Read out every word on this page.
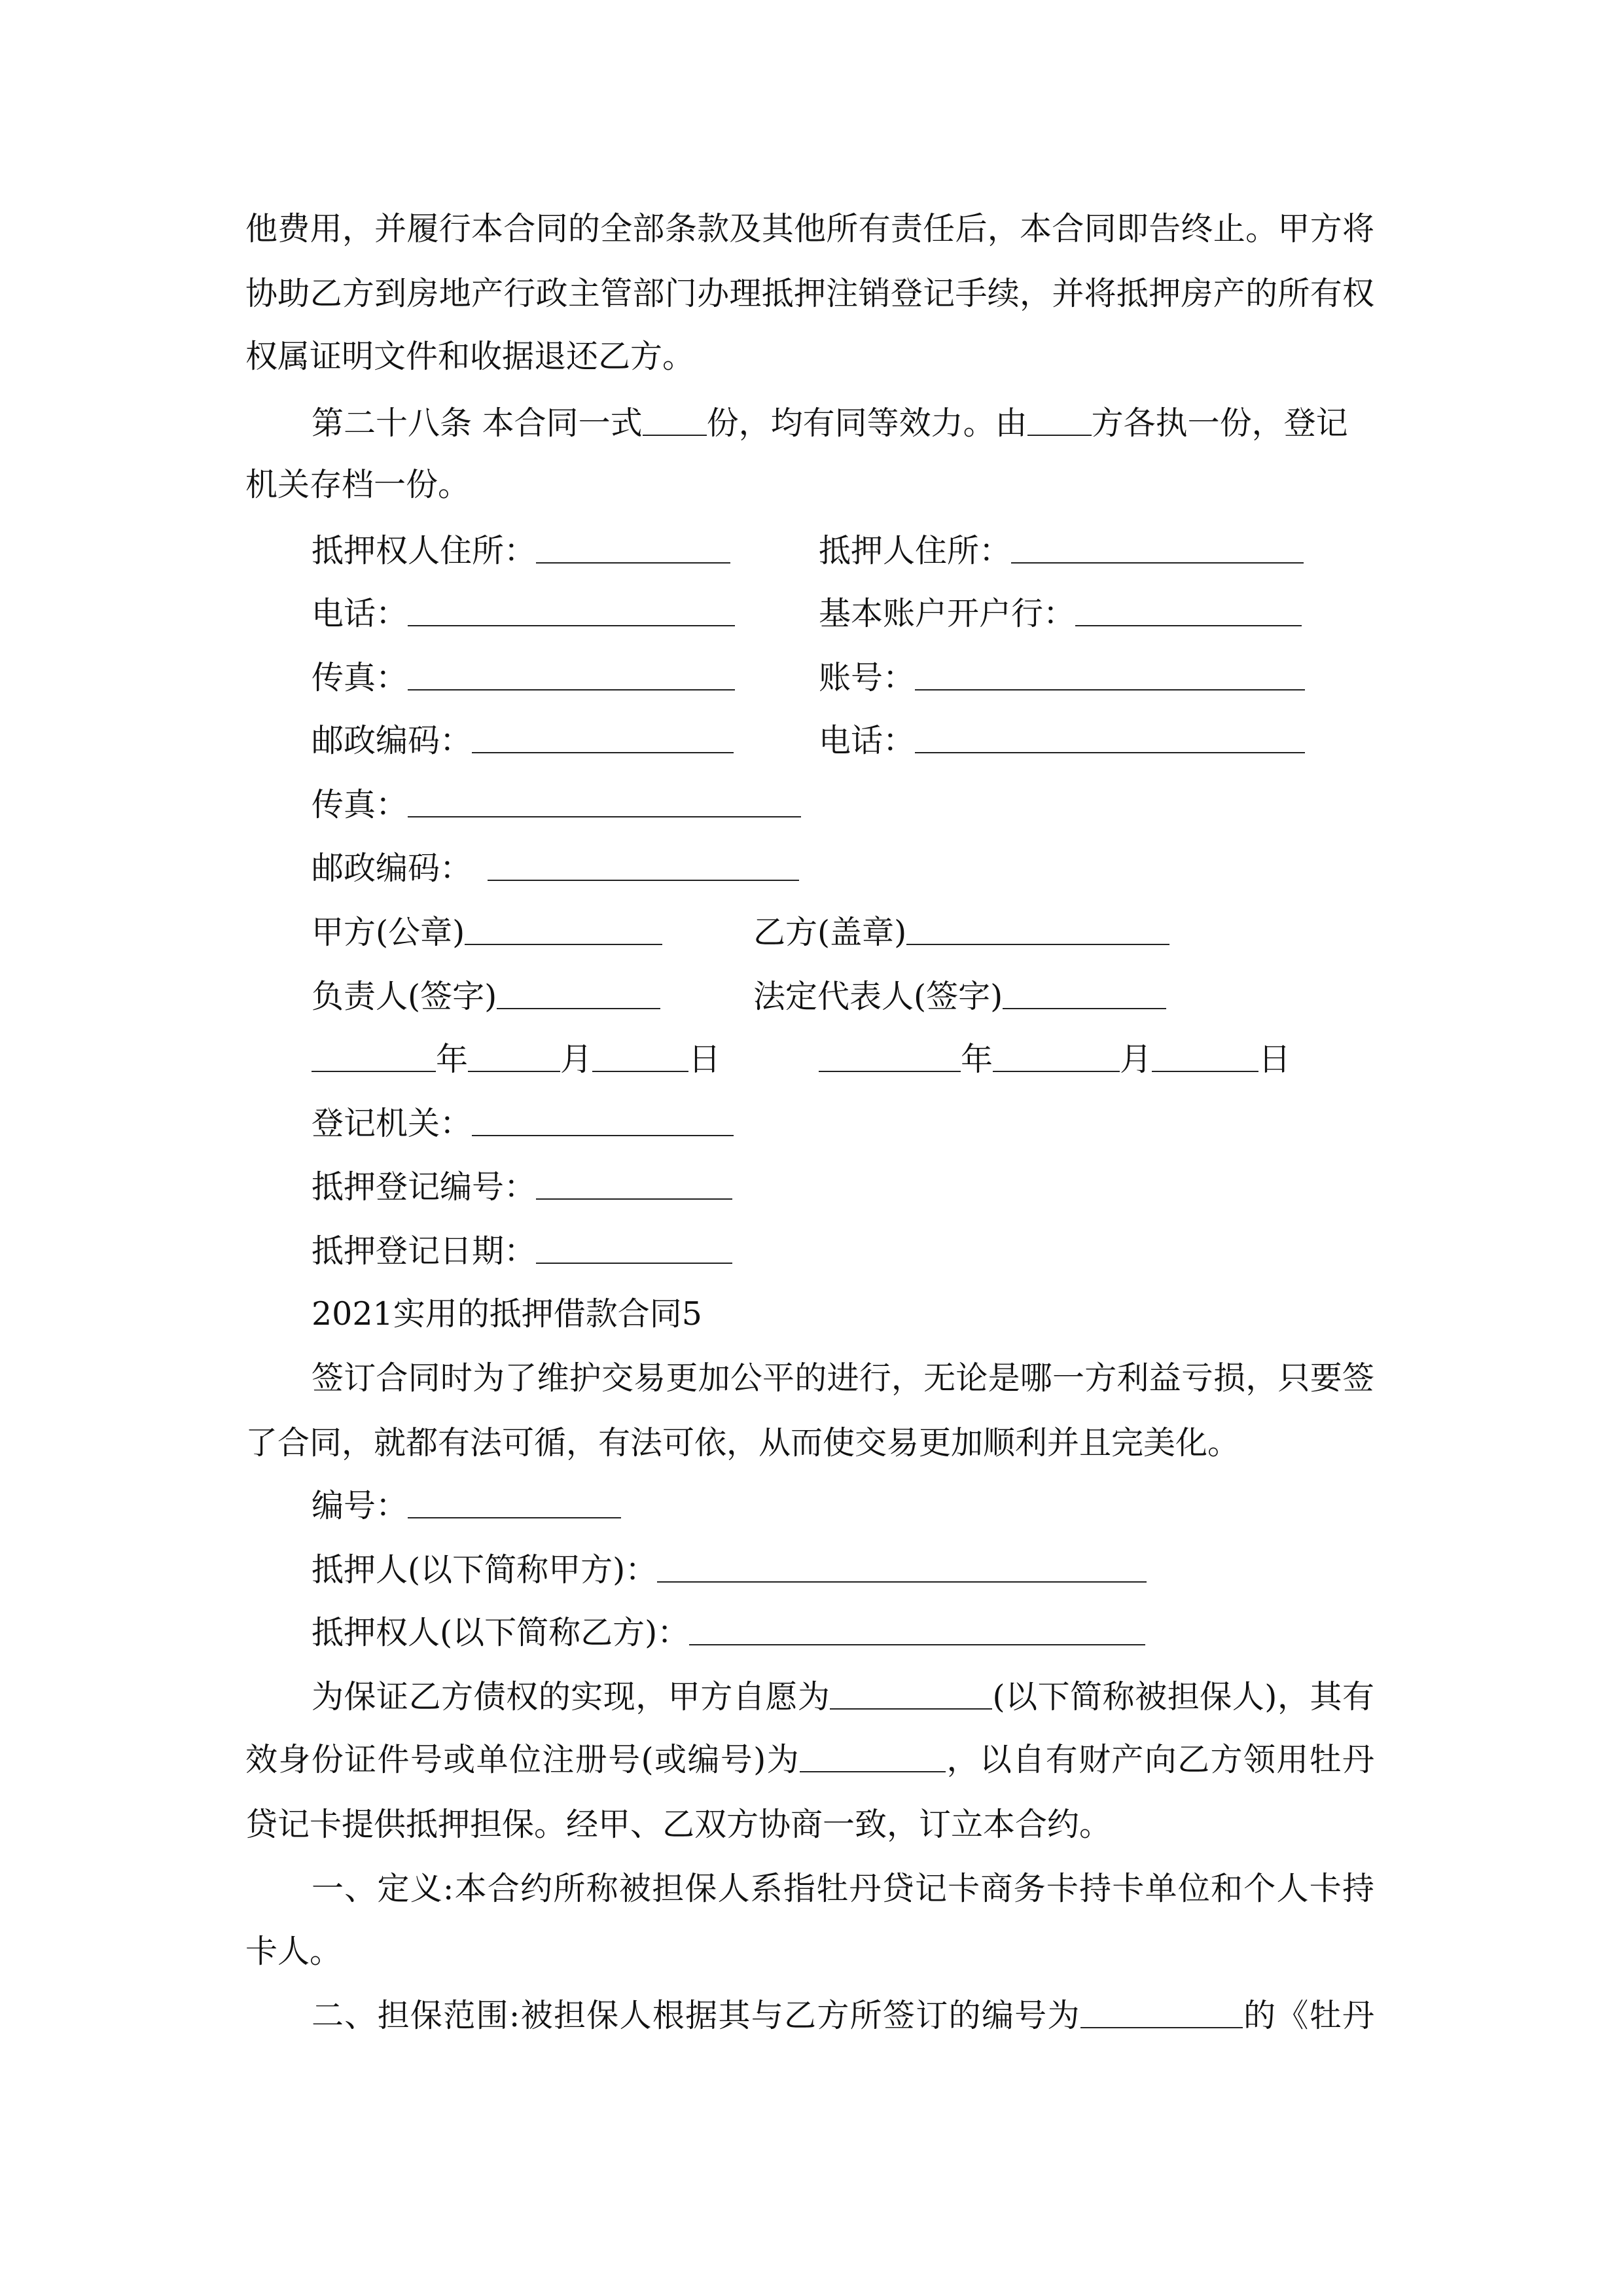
他费用，并履行本合同的全部条款及其他所有责任后，本合同即告终止。甲方将
协助乙方到房地产行政主管部门办理抵押注销登记手续，并将抵押房产的所有权
权属证明文件和收据退还乙方。
第二十八条 本合同一式 份，均有同等效力。由 方各执一份，登记
机关存档一份。
抵押权人住所：	抵押人住所：
电话：	基本账户开户行：
传真：	账号：
邮政编码：	电话：
传真：
邮政编码：
甲方(公章)	乙方(盖章)
负责人(签字)	法定代表人(签字)
年	月	日	年	月	日
登记机关：
抵押登记编号：
抵押登记日期：
2021实用的抵押借款合同5
签订合同时为了维护交易更加公平的进行，无论是哪一方利益亏损，只要签
了合同，就都有法可循，有法可依，从而使交易更加顺利并且完美化。
编号：
抵押人(以下简称甲方)：
抵押权人(以下简称乙方)：
为保证乙方债权的实现，甲方自愿为	(以下简称被担保人)，其有
效身份证件号或单位注册号(或编号)为	，以自有财产向乙方领用牡丹
贷记卡提供抵押担保。经甲、乙双方协商一致，订立本合约。
一、定义:本合约所称被担保人系指牡丹贷记卡商务卡持卡单位和个人卡持
卡人。
二、担保范围:被担保人根据其与乙方所签订的编号为	的《牡丹
